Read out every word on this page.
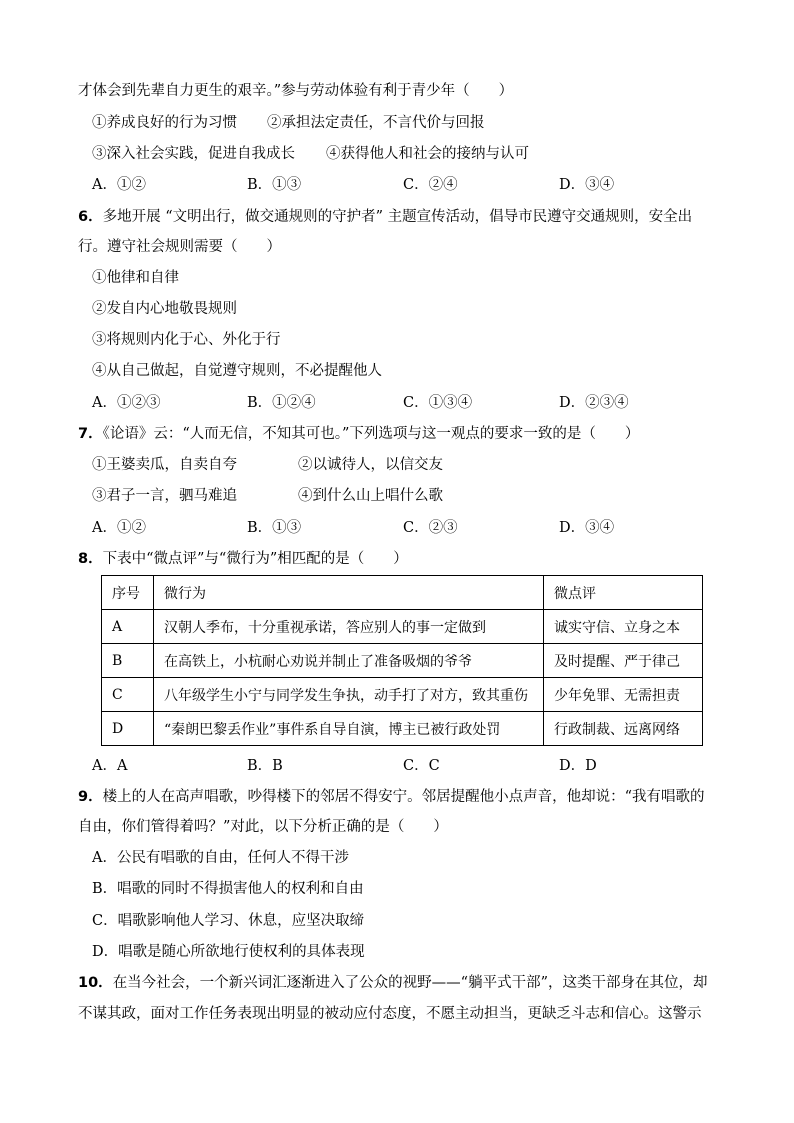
才体会到先辈自力更生的艰辛。”参与劳动体验有利于青少年（　　）
①养成良好的行为习惯 ②承担法定责任，不言代价与回报
③深入社会实践，促进自我成长 ④获得他人和社会的接纳与认可
A．①②	B．①③	C．②④	D．③④
6．多地开展 “文明出行，做交通规则的守护者” 主题宣传活动，倡导市民遵守交通规则，安全出
行。遵守社会规则需要（　　）
①他律和自律
②发自内心地敬畏规则
③将规则内化于心、外化于行
④从自己做起，自觉遵守规则，不必提醒他人
A．①②③	B．①②④	C．①③④	D．②③④
7．《论语》云：“人而无信，不知其可也。”下列选项与这一观点的要求一致的是（　　）
①王婆卖瓜，自卖自夸	②以诚待人，以信交友
③君子一言，驷马难追	④到什么山上唱什么歌
A．①②	B．①③	C．②③	D．③④
8．下表中“微点评”与“微行为”相匹配的是（　　）
序号	微行为	微点评
A	汉朝人季布，十分重视承诺，答应别人的事一定做到	诚实守信、立身之本
B	在高铁上，小杭耐心劝说并制止了准备吸烟的爷爷	及时提醒、严于律己
C	八年级学生小宁与同学发生争执，动手打了对方，致其重伤	少年免罪、无需担责
D	“秦朗巴黎丢作业”事件系自导自演，博主已被行政处罚	行政制裁、远离网络
A．A	B．B	C．C	D．D
9．楼上的人在高声唱歌，吵得楼下的邻居不得安宁。邻居提醒他小点声音，他却说：“我有唱歌的
自由，你们管得着吗？”对此，以下分析正确的是（　　）
A．公民有唱歌的自由，任何人不得干涉
B．唱歌的同时不得损害他人的权利和自由
C．唱歌影响他人学习、休息，应坚决取缔
D．唱歌是随心所欲地行使权利的具体表现
10．在当今社会，一个新兴词汇逐渐进入了公众的视野——“躺平式干部”，这类干部身在其位，却
不谋其政，面对工作任务表现出明显的被动应付态度，不愿主动担当，更缺乏斗志和信心。这警示
